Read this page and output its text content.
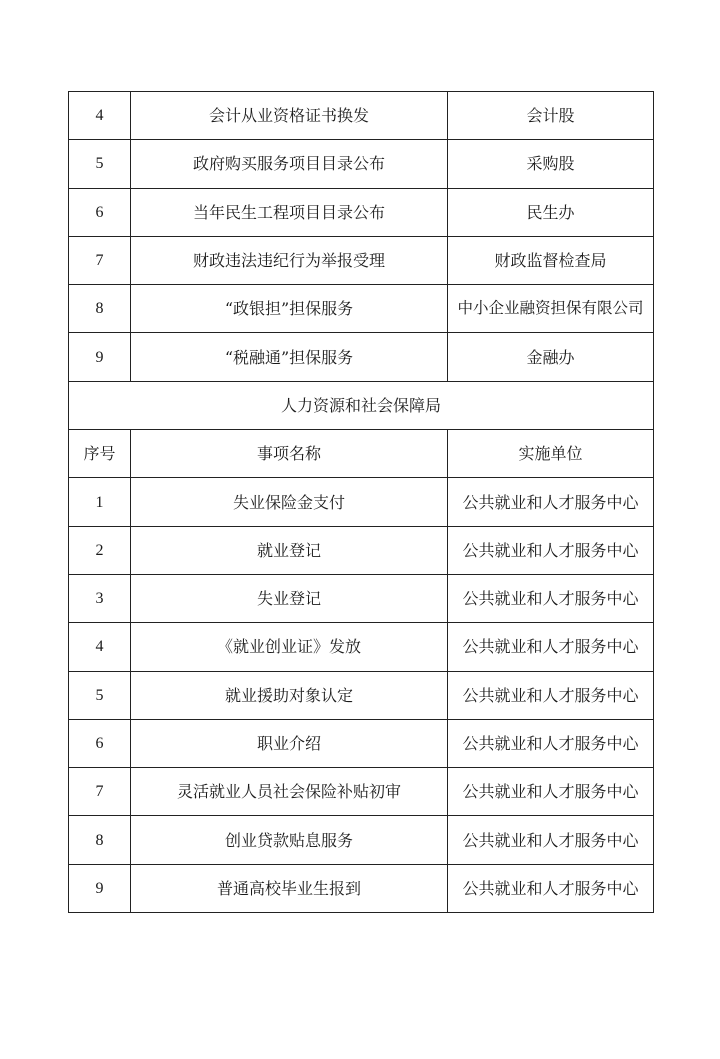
4	会计从业资格证书换发	会计股
5	政府购买服务项目目录公布	采购股
6	当年民生工程项目目录公布	民生办
7	财政违法违纪行为举报受理	财政监督检查局
8	“政银担”担保服务	中小企业融资担保有限公司
9	“税融通”担保服务	金融办
人力资源和社会保障局		
序号	事项名称	实施单位
1	失业保险金支付	公共就业和人才服务中心
2	就业登记	公共就业和人才服务中心
3	失业登记	公共就业和人才服务中心
4	《就业创业证》发放	公共就业和人才服务中心
5	就业援助对象认定	公共就业和人才服务中心
6	职业介绍	公共就业和人才服务中心
7	灵活就业人员社会保险补贴初审	公共就业和人才服务中心
8	创业贷款贴息服务	公共就业和人才服务中心
9	普通高校毕业生报到	公共就业和人才服务中心
